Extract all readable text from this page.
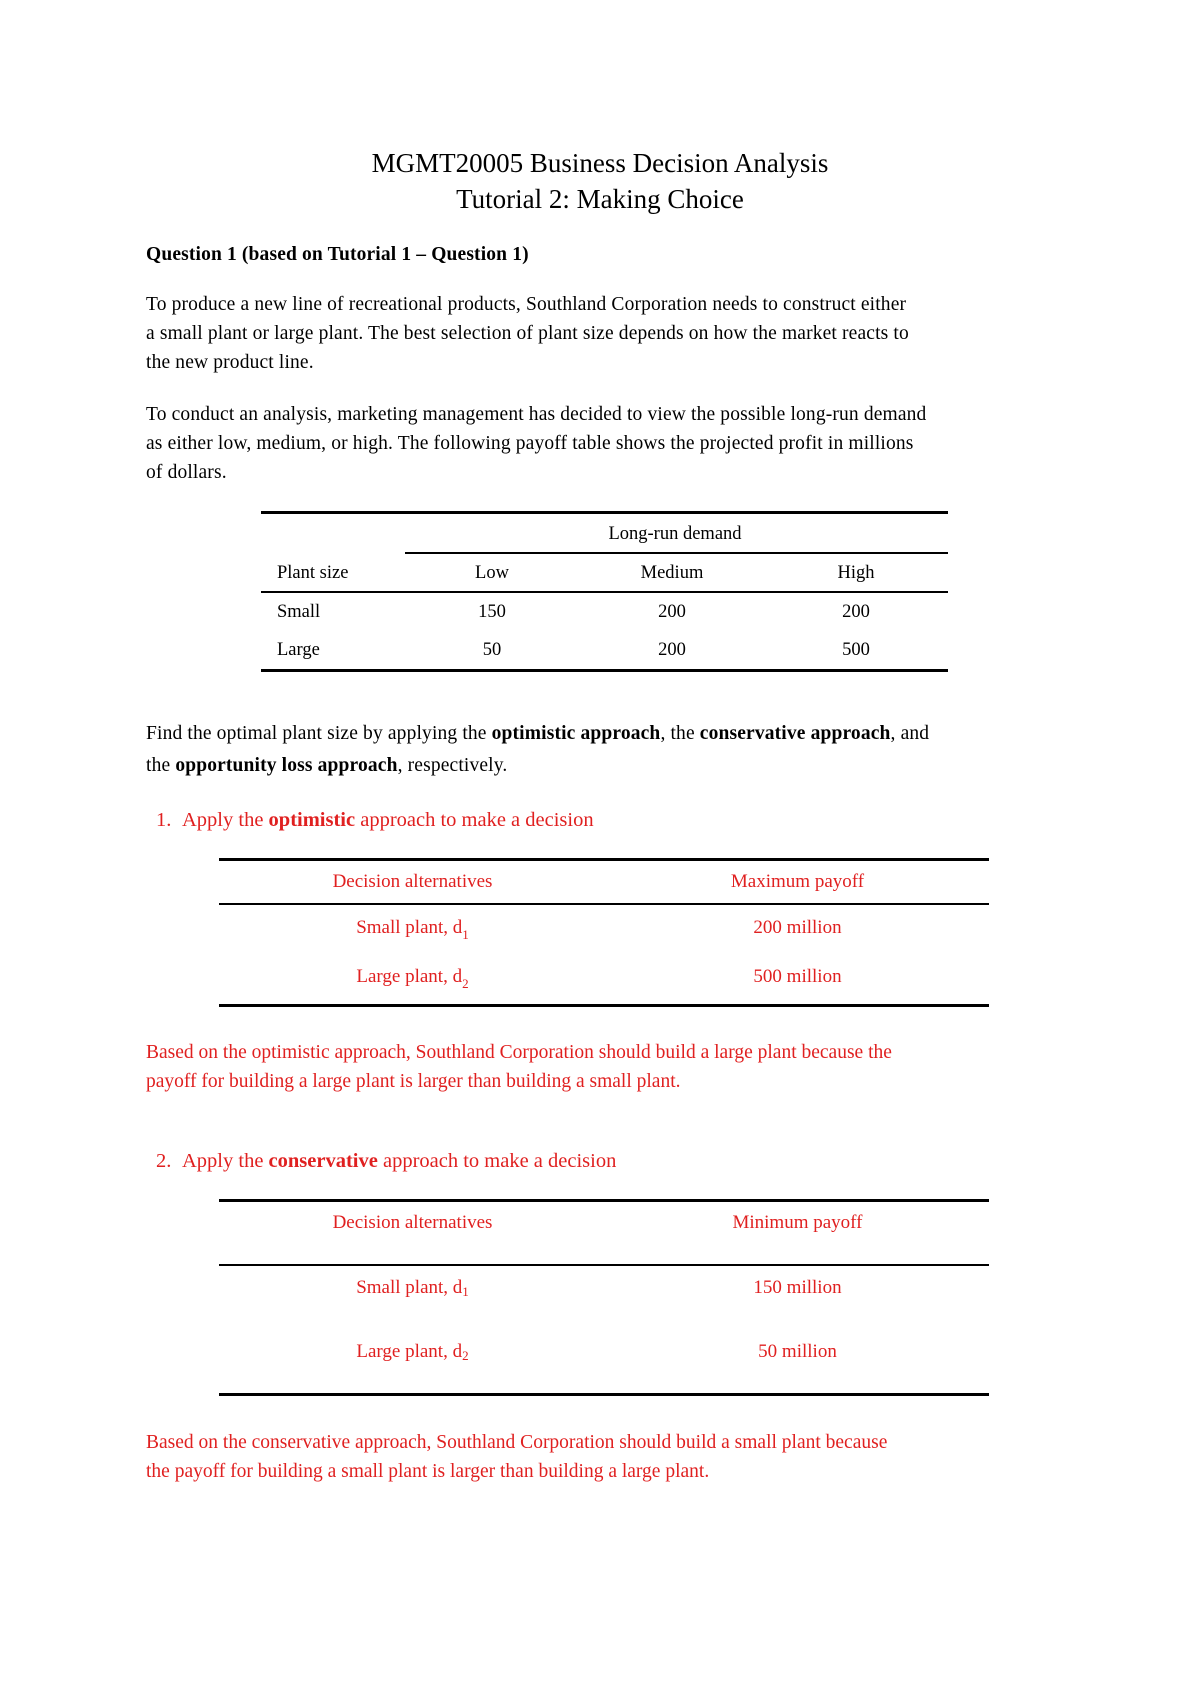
MGMT20005 Business Decision Analysis
Tutorial 2: Making Choice
Question 1 (based on Tutorial 1 – Question 1)
To produce a new line of recreational products, Southland Corporation needs to construct either
a small plant or large plant. The best selection of plant size depends on how the market reacts to
the new product line.
To conduct an analysis, marketing management has decided to view the possible long-run demand
as either low, medium, or high. The following payoff table shows the projected profit in millions
of dollars.
Long-run demand
Plant size	Low	Medium	High
Small	150	200	200
Large	50	200	500
Find the optimal plant size by applying the optimistic approach, the conservative approach, and
the opportunity loss approach, respectively.
1. Apply the optimistic approach to make a decision
Decision alternatives	Maximum payoff
Small plant, $d_1$	200 million
Large plant, $d_2$	500 million
Based on the optimistic approach, Southland Corporation should build a large plant because the
payoff for building a large plant is larger than building a small plant.
2. Apply the conservative approach to make a decision
Decision alternatives	Minimum payoff
Small plant, $d_1$	150 million
Large plant, $d_2$	50 million
Based on the conservative approach, Southland Corporation should build a small plant because
the payoff for building a small plant is larger than building a large plant.
